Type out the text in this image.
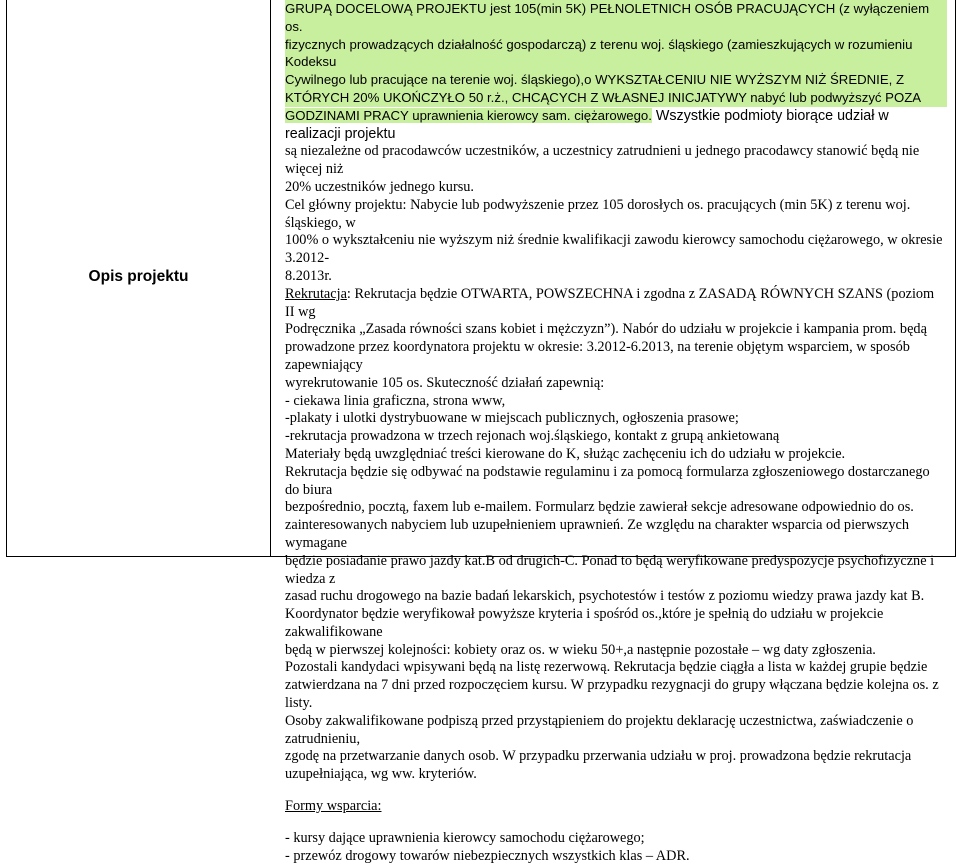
Opis projektu

GRUPĄ DOCELOWĄ PROJEKTU jest 105(min 5K) PEŁNOLETNICH OSÓB PRACUJĄCYCH (z wyłączeniem os.

fizycznych prowadzących działalność gospodarczą) z terenu woj. śląskiego (zamieszkujących w rozumieniu Kodeksu

Cywilnego lub pracujące na terenie woj. śląskiego),o WYKSZTAŁCENIU NIE WYŻSZYM NIŻ ŚREDNIE, Z

KTÓRYCH 20% UKOŃCZYŁO 50 r.ż., CHCĄCYCH Z WŁASNEJ INICJATYWY nabyć lub podwyższyć POZA

GODZINAMI PRACY uprawnienia kierowcy sam. ciężarowego. Wszystkie podmioty biorące udział w realizacji projektu

są niezależne od pracodawców uczestników, a uczestnicy zatrudnieni u jednego pracodawcy stanowić będą nie więcej niż

20% uczestników jednego kursu.

Cel główny projektu: Nabycie lub podwyższenie przez 105 dorosłych os. pracujących (min 5K) z terenu woj. śląskiego, w

100% o wykształceniu nie wyższym niż średnie kwalifikacji zawodu kierowcy samochodu ciężarowego, w okresie 3.2012-

8.2013r.

Rekrutacja: Rekrutacja będzie OTWARTA, POWSZECHNA i zgodna z ZASADĄ RÓWNYCH SZANS (poziom II wg

Podręcznika „Zasada równości szans kobiet i mężczyzn”). Nabór do udziału w projekcie i kampania prom. będą

prowadzone przez koordynatora projektu w okresie: 3.2012-6.2013, na terenie objętym wsparciem, w sposób zapewniający

wyrekrutowanie 105 os. Skuteczność działań zapewnią:

- ciekawa linia graficzna, strona www,

-plakaty i ulotki dystrybuowane w miejscach publicznych, ogłoszenia prasowe;

-rekrutacja prowadzona w trzech rejonach woj.śląskiego, kontakt z grupą ankietowaną

Materiały będą uwzględniać treści kierowane do K, służąc zachęceniu ich do udziału w projekcie.

Rekrutacja będzie się odbywać na podstawie regulaminu i za pomocą formularza zgłoszeniowego dostarczanego do biura

bezpośrednio, pocztą, faxem lub e-mailem. Formularz będzie zawierał sekcje adresowane odpowiednio do os.

zainteresowanych nabyciem lub uzupełnieniem uprawnień. Ze względu na charakter wsparcia od pierwszych wymagane

będzie posiadanie prawo jazdy kat.B od drugich-C. Ponad to będą weryfikowane predyspozycje psychofizyczne i wiedza z

zasad ruchu drogowego na bazie badań lekarskich, psychotestów i testów z poziomu wiedzy prawa jazdy kat B.

Koordynator będzie weryfikował powyższe kryteria i spośród os.,które je spełnią do udziału w projekcie zakwalifikowane

będą w pierwszej kolejności: kobiety oraz os. w wieku 50+,a następnie pozostałe – wg daty zgłoszenia.

Pozostali kandydaci wpisywani będą na listę rezerwową. Rekrutacja będzie ciągła a lista w każdej grupie będzie

zatwierdzana na 7 dni przed rozpoczęciem kursu. W przypadku rezygnacji do grupy włączana będzie kolejna os. z listy.

Osoby zakwalifikowane podpiszą przed przystąpieniem do projektu deklarację uczestnictwa, zaświadczenie o zatrudnieniu,

zgodę na przetwarzanie danych osob. W przypadku przerwania udziału w proj. prowadzona będzie rekrutacja

uzupełniająca, wg ww. kryteriów.

Formy wsparcia:

- kursy dające uprawnienia kierowcy samochodu ciężarowego;

- przewóz drogowy towarów niebezpiecznych wszystkich klas – ADR.
